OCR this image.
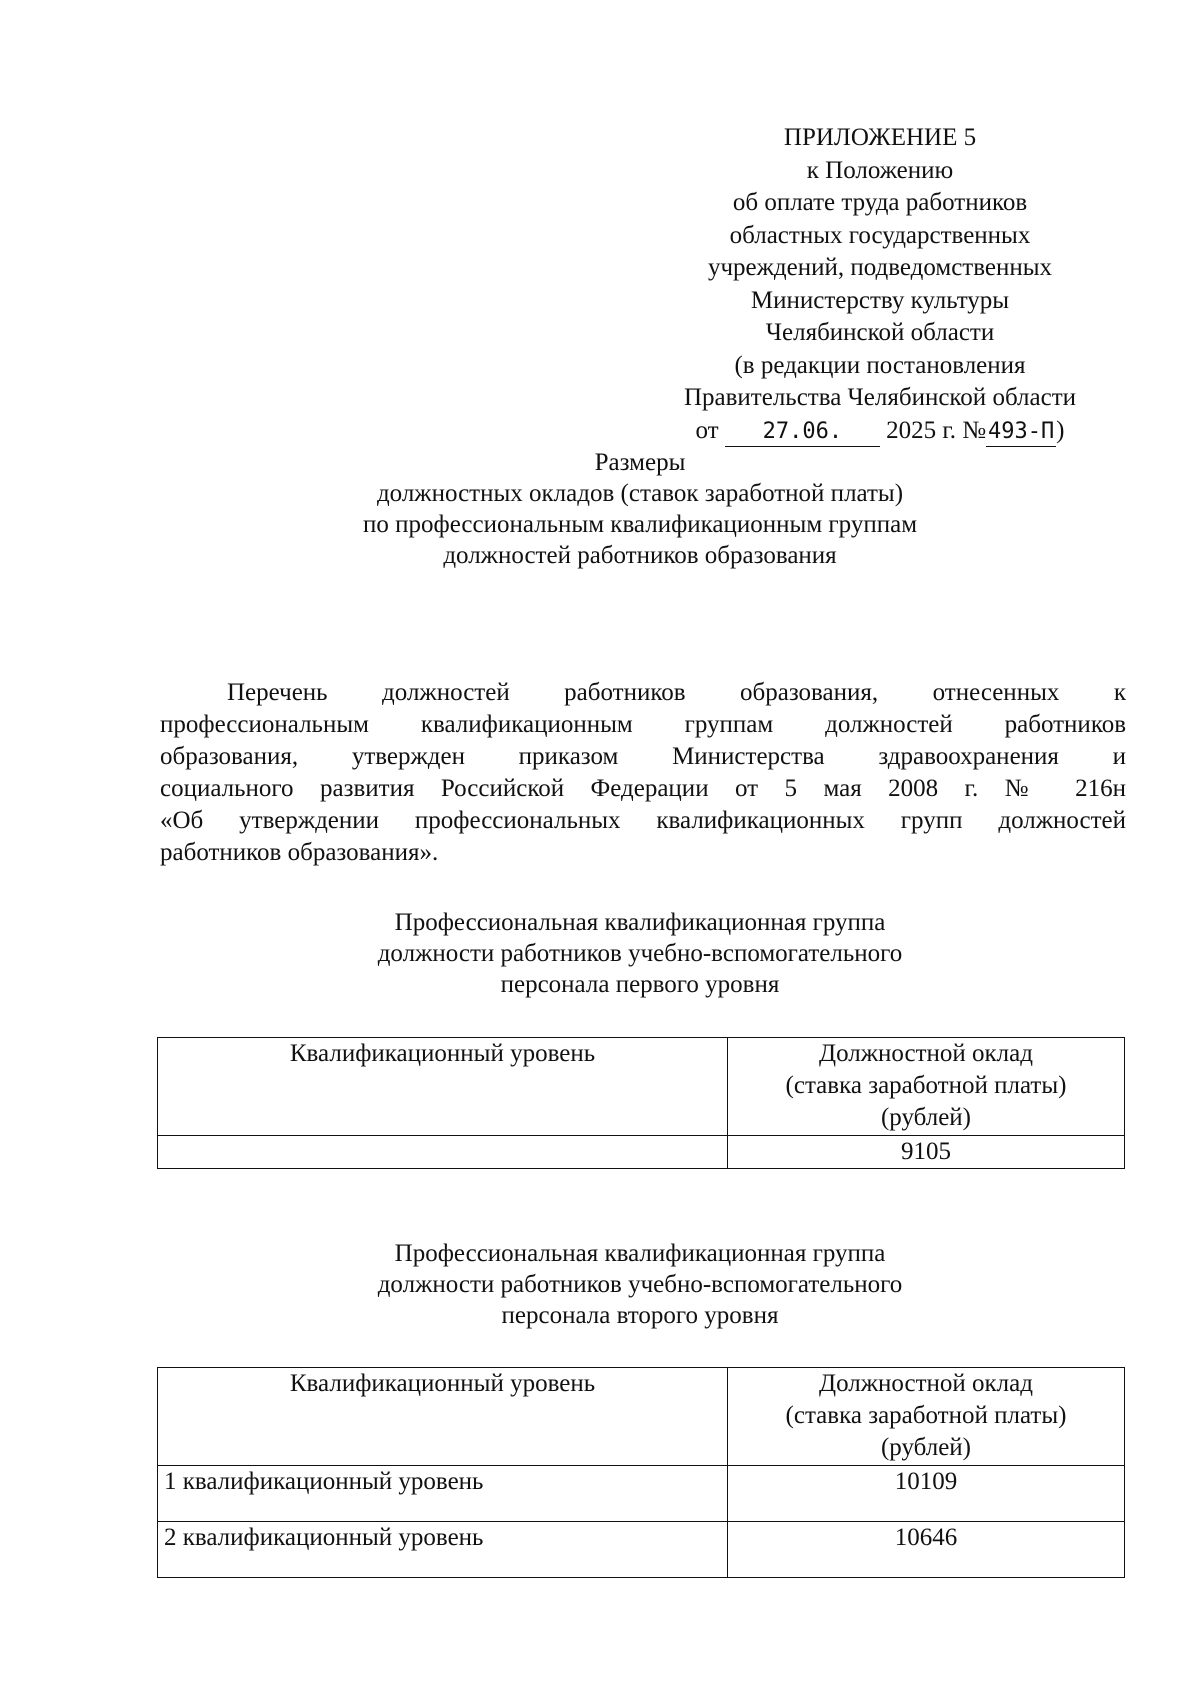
ПРИЛОЖЕНИЕ 5
к Положению
об оплате труда работников
областных государственных
учреждений, подведомственных
Министерству культуры
Челябинской области
(в редакции постановления
Правительства Челябинской области
от 27.06. 2025 г. №493-П)
Размеры
должностных окладов (ставок заработной платы)
по профессиональным квалификационным группам
должностей работников образования
Перечень должностей работников образования, отнесенных к
профессиональным квалификационным группам должностей работников
образования, утвержден приказом Министерства здравоохранения и
социального развития Российской Федерации от 5 мая 2008 г. № 216н
«Об утверждении профессиональных квалификационных групп должностей
работников образования».
Профессиональная квалификационная группа
должности работников учебно-вспомогательного
персонала первого уровня
Квалификационный уровень	Должностной оклад
(ставка заработной платы)
(рублей)

	9105
Профессиональная квалификационная группа
должности работников учебно-вспомогательного
персонала второго уровня
Квалификационный уровень	Должностной оклад
(ставка заработной платы)
(рублей)

1 квалификационный уровень	10109
2 квалификационный уровень	10646
